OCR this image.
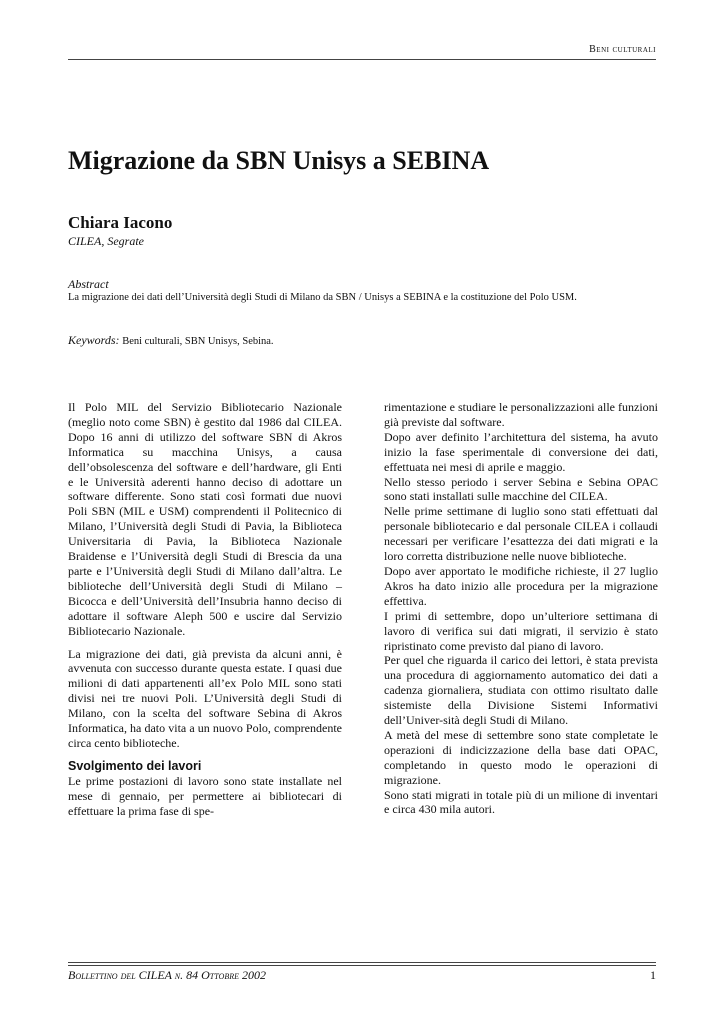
Beni culturali
Migrazione da SBN Unisys a SEBINA
Chiara Iacono
CILEA, Segrate
Abstract
La migrazione dei dati dell’Università degli Studi di Milano da SBN / Unisys a SEBINA e la costituzione del Polo USM.
Keywords: Beni culturali, SBN Unisys, Sebina.

Il Polo MIL del Servizio Bibliotecario Nazionale (meglio noto come SBN) è gestito dal 1986 dal CILEA. Dopo 16 anni di utilizzo del software SBN di Akros Informatica su macchina Unisys, a causa dell’obsolescenza del software e dell’hardware, gli Enti e le Università aderenti hanno deciso di adottare un software differente. Sono stati così formati due nuovi Poli SBN (MIL e USM) comprendenti il Politecnico di Milano, l’Università degli Studi di Pavia, la Biblioteca Universitaria di Pavia, la Biblioteca Nazionale Braidense e l’Università degli Studi di Brescia da una parte e l’Università degli Studi di Milano dall’altra. Le biblioteche dell’Università degli Studi di Milano – Bicocca e dell’Università dell’Insubria hanno deciso di adottare il software Aleph 500 e uscire dal Servizio Bibliotecario Nazionale.

La migrazione dei dati, già prevista da alcuni anni, è avvenuta con successo durante questa estate. I quasi due milioni di dati appartenenti all’ex Polo MIL sono stati divisi nei tre nuovi Poli. L’Università degli Studi di Milano, con la scelta del software Sebina di Akros Informatica, ha dato vita a un nuovo Polo, comprendente circa cento biblioteche.

Svolgimento dei lavori

Le prime postazioni di lavoro sono state installate nel mese di gennaio, per permettere ai bibliotecari di effettuare la prima fase di spe-

rimentazione e studiare le personalizzazioni alle funzioni già previste dal software.

Dopo aver definito l’architettura del sistema, ha avuto inizio la fase sperimentale di conversione dei dati, effettuata nei mesi di aprile e maggio.

Nello stesso periodo i server Sebina e Sebina OPAC sono stati installati sulle macchine del CILEA.

Nelle prime settimane di luglio sono stati effettuati dal personale bibliotecario e dal personale CILEA i collaudi necessari per verificare l’esattezza dei dati migrati e la loro corretta distribuzione nelle nuove biblioteche.

Dopo aver apportato le modifiche richieste, il 27 luglio Akros ha dato inizio alle procedura per la migrazione effettiva.

I primi di settembre, dopo un’ulteriore settimana di lavoro di verifica sui dati migrati, il servizio è stato ripristinato come previsto dal piano di lavoro.

Per quel che riguarda il carico dei lettori, è stata prevista una procedura di aggiornamento automatico dei dati a cadenza giornaliera, studiata con ottimo risultato dalle sistemiste della Divisione Sistemi Informativi dell’Univer-sità degli Studi di Milano.

A metà del mese di settembre sono state completate le operazioni di indicizzazione della base dati OPAC, completando in questo modo le operazioni di migrazione.

Sono stati migrati in totale più di un milione di inventari e circa 430 mila autori.

Bollettino del CILEA n. 84 Ottobre 2002	1
